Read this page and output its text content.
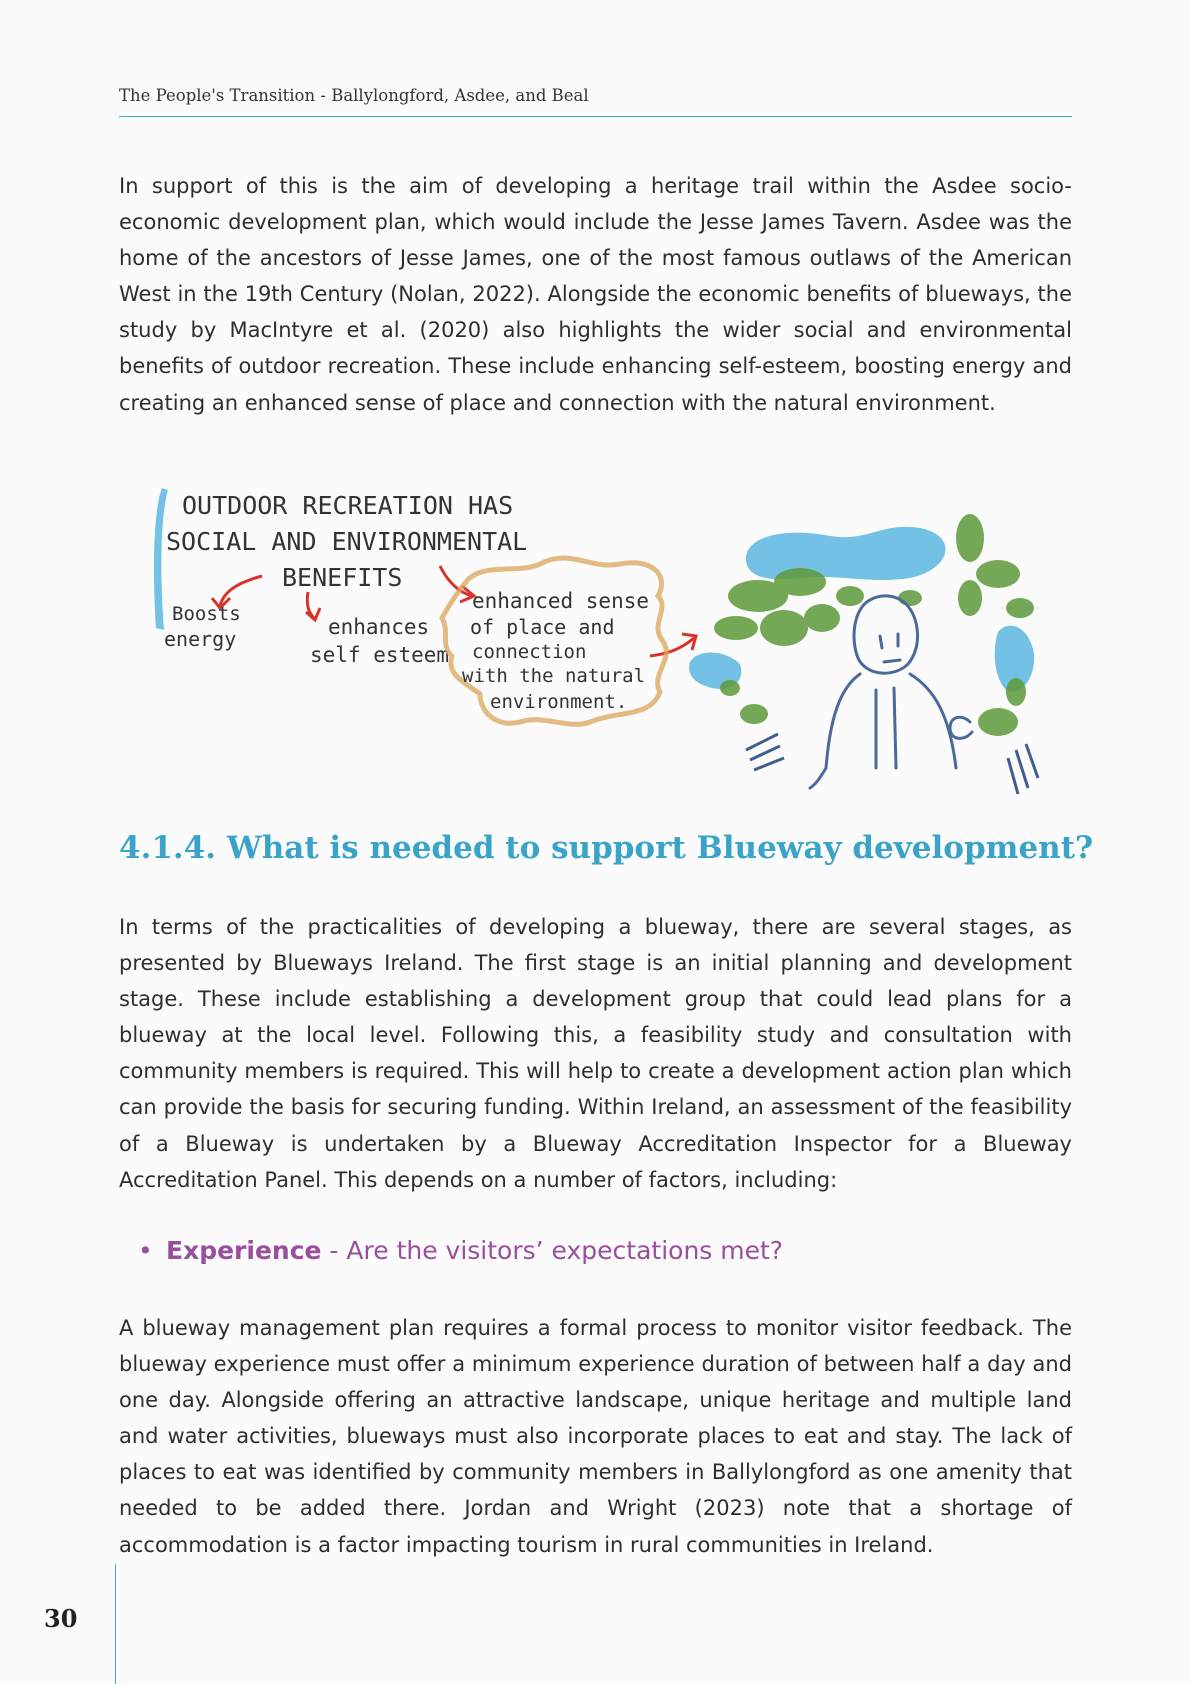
The People's Transition - Ballylongford, Asdee, and Beal

In support of this is the aim of developing a heritage trail within the Asdee socio-economic development plan, which would include the Jesse James Tavern. Asdee was the home of the ancestors of Jesse James, one of the most famous outlaws of the American West in the 19th Century (Nolan, 2022). Alongside the economic benefits of blueways, the study by MacIntyre et al. (2020) also highlights the wider social and environmental benefits of outdoor recreation. These include enhancing self-esteem, boosting energy and creating an enhanced sense of place and connection with the natural environment.

OUTDOOR RECREATION HAS
SOCIAL AND ENVIRONMENTAL
BENEFITS
Boosts
energy	enhances
self esteem
enhanced sense
of place and
connection
with the natural
environment.
4.1.4. What is needed to support Blueway development?

In terms of the practicalities of developing a blueway, there are several stages, as presented by Blueways Ireland. The first stage is an initial planning and development stage. These include establishing a development group that could lead plans for a blueway at the local level. Following this, a feasibility study and consultation with community members is required. This will help to create a development action plan which can provide the basis for securing funding. Within Ireland, an assessment of the feasibility of a Blueway is undertaken by a Blueway Accreditation Inspector for a Blueway Accreditation Panel. This depends on a number of factors, including:

• Experience - Are the visitors’ expectations met?

A blueway management plan requires a formal process to monitor visitor feedback. The blueway experience must offer a minimum experience duration of between half a day and one day. Alongside offering an attractive landscape, unique heritage and multiple land and water activities, blueways must also incorporate places to eat and stay. The lack of places to eat was identified by community members in Ballylongford as one amenity that needed to be added there. Jordan and Wright (2023) note that a shortage of accommodation is a factor impacting tourism in rural communities in Ireland.

30
